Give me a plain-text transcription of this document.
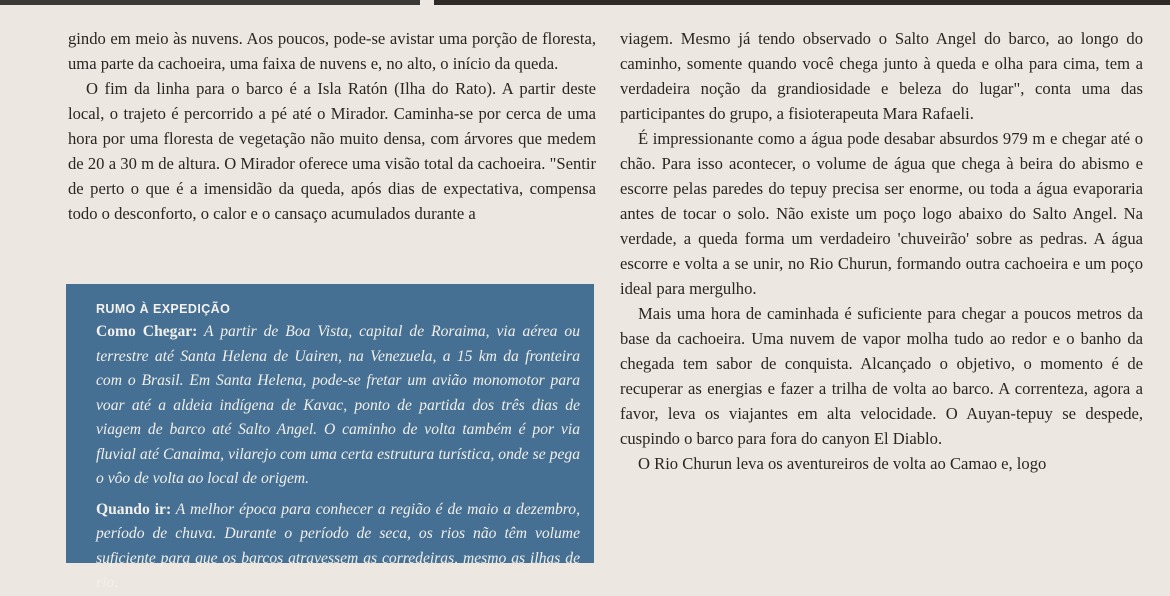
gindo em meio às nuvens. Aos poucos, pode-se avistar uma porção de floresta, uma parte da cachoeira, uma faixa de nuvens e, no alto, o início da queda.

O fim da linha para o barco é a Isla Ratón (Ilha do Rato). A partir deste local, o trajeto é percorrido a pé até o Mirador. Caminha-se por cerca de uma hora por uma floresta de vegetação não muito densa, com árvores que medem de 20 a 30 m de altura. O Mirador oferece uma visão total da cachoeira. "Sentir de perto o que é a imensidão da queda, após dias de expectativa, compensa todo o desconforto, o calor e o cansaço acumulados durante a

RUMO À EXPEDIÇÃO

Como Chegar: A partir de Boa Vista, capital de Roraima, via aérea ou terrestre até Santa Helena de Uairen, na Venezuela, a 15 km da fronteira com o Brasil. Em Santa Helena, pode-se fretar um avião monomotor para voar até a aldeia indígena de Kavac, ponto de partida dos três dias de viagem de barco até Salto Angel. O caminho de volta também é por via fluvial até Canaima, vilarejo com uma certa estrutura turística, onde se pega o vôo de volta ao local de origem.

Quando ir: A melhor época para conhecer a região é de maio a dezembro, período de chuva. Durante o período de seca, os rios não têm volume suficiente para que os barcos atravessem as corredeiras, mesmo as ilhas de rio.

viagem. Mesmo já tendo observado o Salto Angel do barco, ao longo do caminho, somente quando você chega junto à queda e olha para cima, tem a verdadeira noção da grandiosidade e beleza do lugar", conta uma das participantes do grupo, a fisioterapeuta Mara Rafaeli.

É impressionante como a água pode desabar absurdos 979 m e chegar até o chão. Para isso acontecer, o volume de água que chega à beira do abismo e escorre pelas paredes do tepuy precisa ser enorme, ou toda a água evaporaria antes de tocar o solo. Não existe um poço logo abaixo do Salto Angel. Na verdade, a queda forma um verdadeiro 'chuveirão' sobre as pedras. A água escorre e volta a se unir, no Rio Churun, formando outra cachoeira e um poço ideal para mergulho.

Mais uma hora de caminhada é suficiente para chegar a poucos metros da base da cachoeira. Uma nuvem de vapor molha tudo ao redor e o banho da chegada tem sabor de conquista. Alcançado o objetivo, o momento é de recuperar as energias e fazer a trilha de volta ao barco. A correnteza, agora a favor, leva os viajantes em alta velocidade. O Auyan-tepuy se despede, cuspindo o barco para fora do canyon El Diablo.

O Rio Churun leva os aventureiros de volta ao Camao e, logo
